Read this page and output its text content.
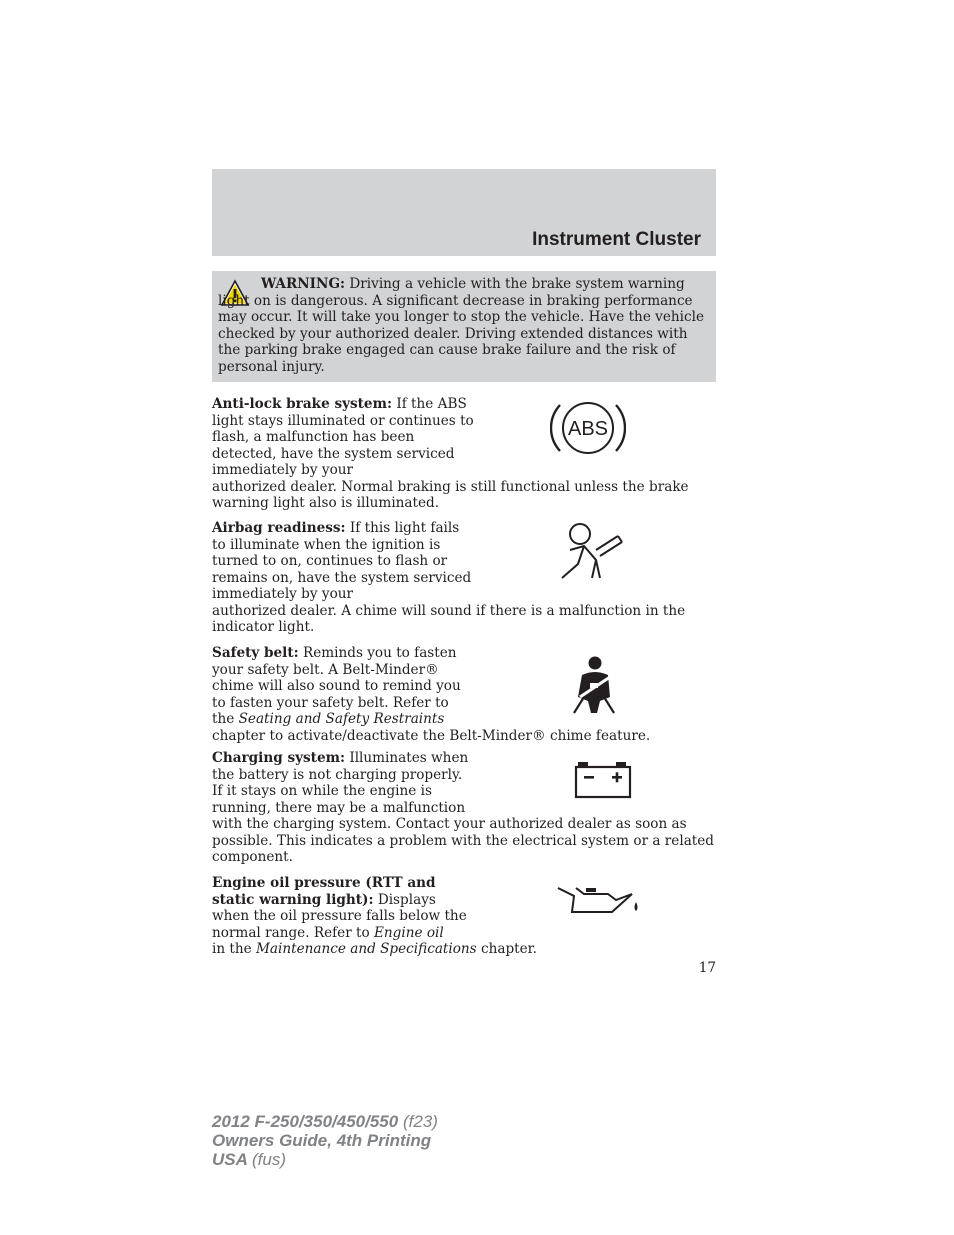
Instrument Cluster
WARNING: Driving a vehicle with the brake system warning light on is dangerous. A significant decrease in braking performance may occur. It will take you longer to stop the vehicle. Have the vehicle checked by your authorized dealer. Driving extended distances with the parking brake engaged can cause brake failure and the risk of personal injury.
Anti-lock brake system: If the ABS light stays illuminated or continues to flash, a malfunction has been detected, have the system serviced immediately by your
authorized dealer. Normal braking is still functional unless the brake warning light also is illuminated.
ABS
Airbag readiness: If this light fails to illuminate when the ignition is turned to on, continues to flash or remains on, have the system serviced immediately by your
authorized dealer. A chime will sound if there is a malfunction in the indicator light.
Safety belt: Reminds you to fasten your safety belt. A Belt-Minder® chime will also sound to remind you to fasten your safety belt. Refer to the Seating and Safety Restraints
chapter to activate/deactivate the Belt-Minder® chime feature.
Charging system: Illuminates when the battery is not charging properly. If it stays on while the engine is running, there may be a malfunction
with the charging system. Contact your authorized dealer as soon as possible. This indicates a problem with the electrical system or a related component.
Engine oil pressure (RTT and static warning light): Displays when the oil pressure falls below the normal range. Refer to Engine oil
in the Maintenance and Specifications chapter.
17
2012 F-250/350/450/550 (f23)
Owners Guide, 4th Printing
USA (fus)
